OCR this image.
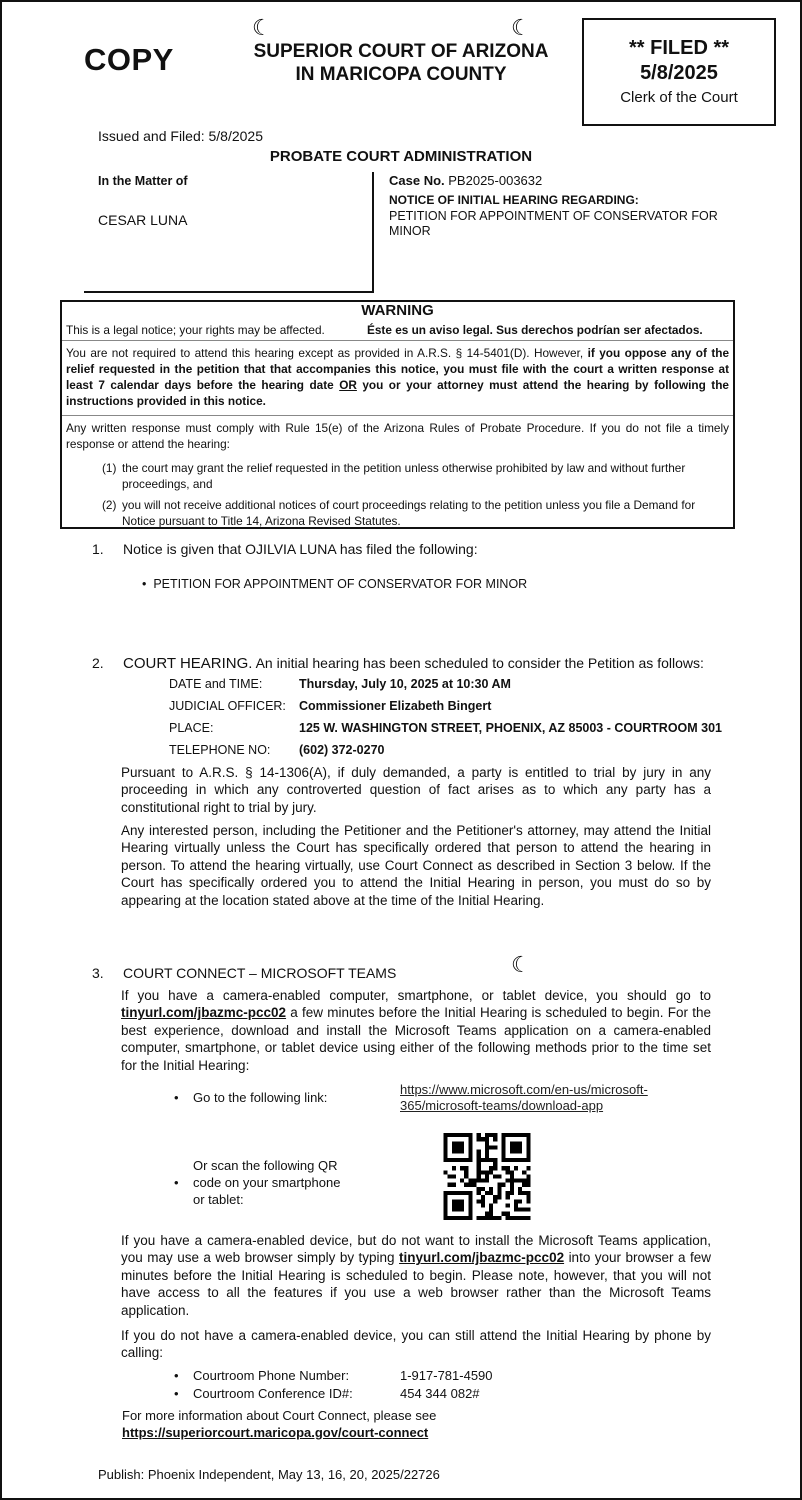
☾	☾
☾
COPY	SUPERIOR COURT OF ARIZONA
IN MARICOPA COUNTY
** FILED **
5/8/2025
Clerk of the Court
Issued and Filed: 5/8/2025
PROBATE COURT ADMINISTRATION
In the Matter of
CESAR LUNA
Case No. PB2025-003632
NOTICE OF INITIAL HEARING REGARDING:
PETITION FOR APPOINTMENT OF CONSERVATOR FOR MINOR
WARNING
This is a legal notice; your rights may be affected.	Éste es un aviso legal. Sus derechos podrían ser afectados.
You are not required to attend this hearing except as provided in A.R.S. § 14-5401(D). However, if you oppose any of the relief requested in the petition that that accompanies this notice, you must file with the court a written response at least 7 calendar days before the hearing date OR you or your attorney must attend the hearing by following the instructions provided in this notice.
Any written response must comply with Rule 15(e) of the Arizona Rules of Probate Procedure. If you do not file a timely response or attend the hearing:
(1) the court may grant the relief requested in the petition unless otherwise prohibited by law and without further proceedings, and
(2) you will not receive additional notices of court proceedings relating to the petition unless you file a Demand for Notice pursuant to Title 14, Arizona Revised Statutes.
1. Notice is given that OJILVIA LUNA has filed the following:
•  PETITION FOR APPOINTMENT OF CONSERVATOR FOR MINOR
2. COURT HEARING. An initial hearing has been scheduled to consider the Petition as follows:
DATE and TIME:	Thursday, July 10, 2025 at 10:30 AM
JUDICIAL OFFICER: Commissioner Elizabeth Bingert
PLACE:	125 W. WASHINGTON STREET, PHOENIX, AZ 85003 - COURTROOM 301
TELEPHONE NO: (602) 372-0270
Pursuant to A.R.S. § 14-1306(A), if duly demanded, a party is entitled to trial by jury in any proceeding in which any controverted question of fact arises as to which any party has a constitutional right to trial by jury.
Any interested person, including the Petitioner and the Petitioner's attorney, may attend the Initial Hearing virtually unless the Court has specifically ordered that person to attend the hearing in person. To attend the hearing virtually, use Court Connect as described in Section 3 below. If the Court has specifically ordered you to attend the Initial Hearing in person, you must do so by appearing at the location stated above at the time of the Initial Hearing.
3. COURT CONNECT – MICROSOFT TEAMS
If you have a camera-enabled computer, smartphone, or tablet device, you should go to tinyurl.com/jbazmc-pcc02 a few minutes before the Initial Hearing is scheduled to begin. For the best experience, download and install the Microsoft Teams application on a camera-enabled computer, smartphone, or tablet device using either of the following methods prior to the time set for the Initial Hearing:
• Go to the following link:
https://www.microsoft.com/en-us/microsoft-365/microsoft-teams/download-app
•
Or scan the following QR code on your smartphone or tablet:
If you have a camera-enabled device, but do not want to install the Microsoft Teams application, you may use a web browser simply by typing tinyurl.com/jbazmc-pcc02 into your browser a few minutes before the Initial Hearing is scheduled to begin. Please note, however, that you will not have access to all the features if you use a web browser rather than the Microsoft Teams application.
If you do not have a camera-enabled device, you can still attend the Initial Hearing by phone by calling:
• Courtroom Phone Number:	1-917-781-4590
• Courtroom Conference ID#:	454 344 082#
For more information about Court Connect, please see
https://superiorcourt.maricopa.gov/court-connect
Publish: Phoenix Independent, May 13, 16, 20, 2025/22726
